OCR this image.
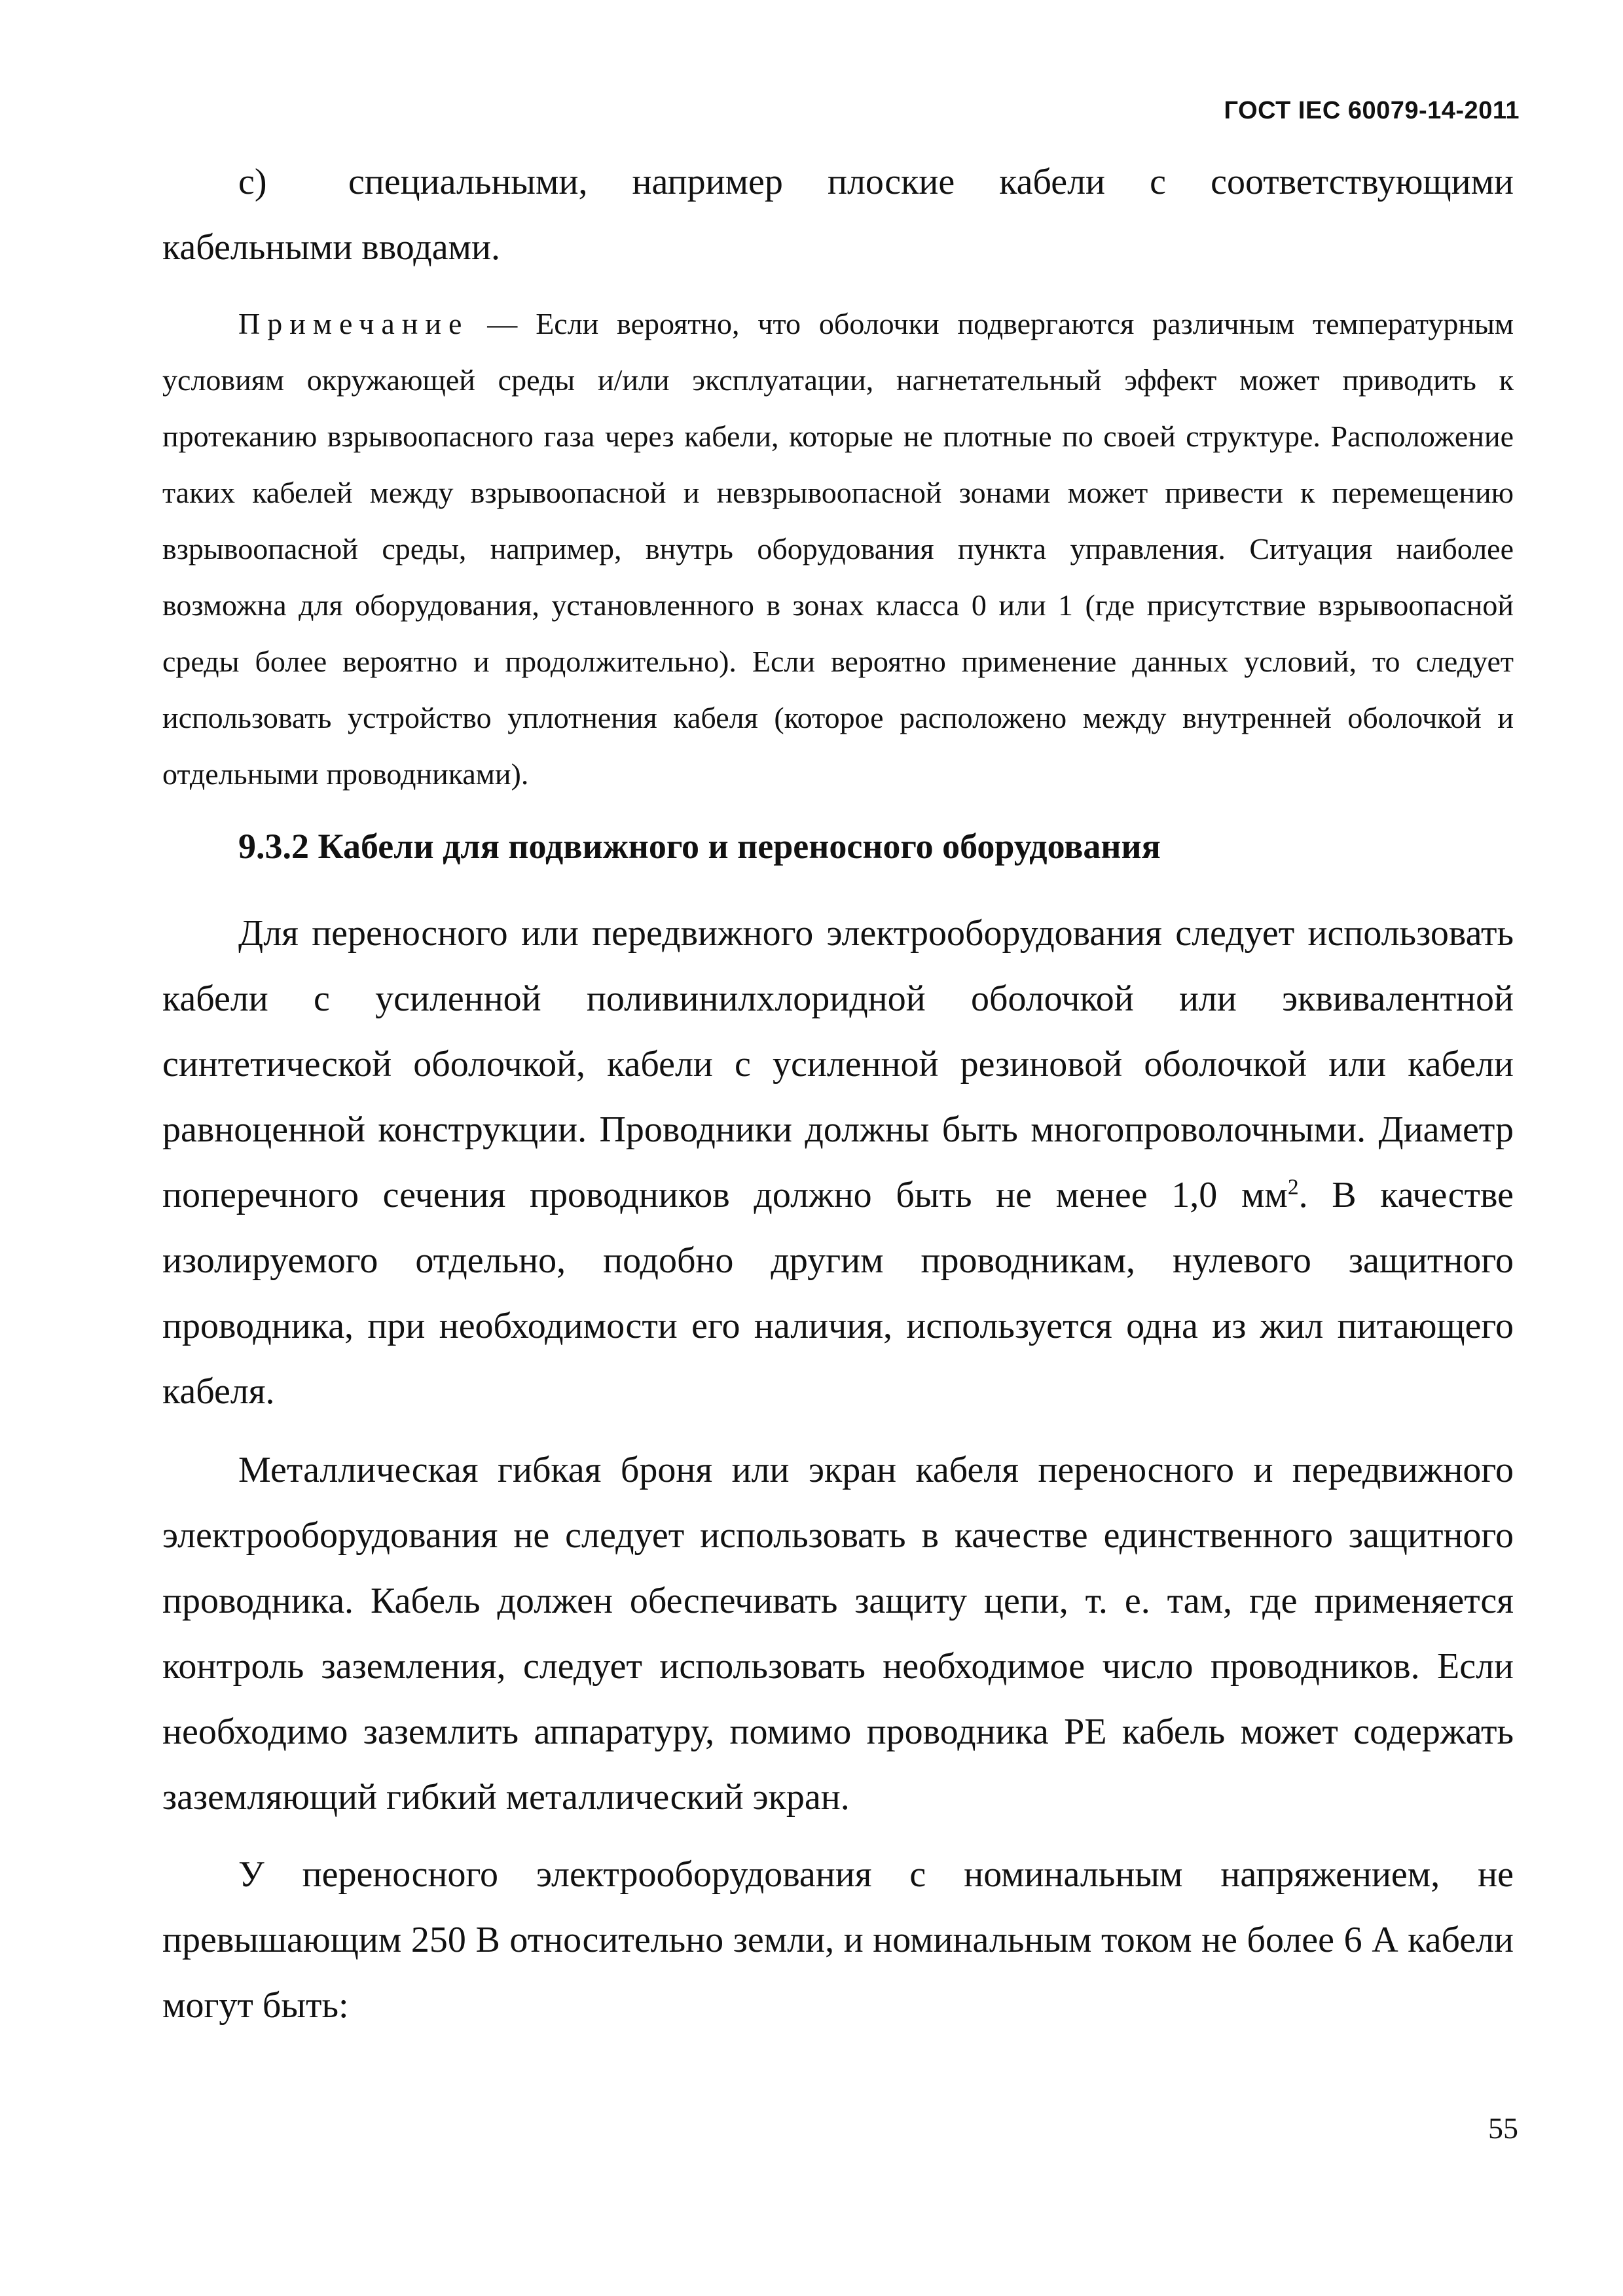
ГОСТ IEC 60079-14-2011

c) специальными, например плоские кабели с соответствующими кабельными вводами.

Примечание — Если вероятно, что оболочки подвергаются различным температурным условиям окружающей среды и/или эксплуатации, нагнетательный эффект может приводить к протеканию взрывоопасного газа через кабели, которые не плотные по своей структуре. Расположение таких кабелей между взрывоопасной и невзрывоопасной зонами может привести к перемещению взрывоопасной среды, например, внутрь оборудования пункта управления. Ситуация наиболее возможна для оборудования, установленного в зонах класса 0 или 1 (где присутствие взрывоопасной среды более вероятно и продолжительно). Если вероятно применение данных условий, то следует использовать устройство уплотнения кабеля (которое расположено между внутренней оболочкой и отдельными проводниками).

9.3.2 Кабели для подвижного и переносного оборудования

Для переносного или передвижного электрооборудования следует использовать кабели с усиленной поливинилхлоридной оболочкой или эквивалентной синтетической оболочкой, кабели с усиленной резиновой оболочкой или кабели равноценной конструкции. Проводники должны быть многопроволочными. Диаметр поперечного сечения проводников должно быть не менее 1,0 $мм^2$. В качестве изолируемого отдельно, подобно другим проводникам, нулевого защитного проводника, при необходимости его наличия, используется одна из жил питающего кабеля.

Металлическая гибкая броня или экран кабеля переносного и передвижного электрооборудования не следует использовать в качестве единственного защитного проводника. Кабель должен обеспечивать защиту цепи, т. е. там, где применяется контроль заземления, следует использовать необходимое число проводников. Если необходимо заземлить аппаратуру, помимо проводника PE кабель может содержать заземляющий гибкий металлический экран.

У переносного электрооборудования с номинальным напряжением, не превышающим 250 В относительно земли, и номинальным током не более 6 А кабели могут быть:

55
